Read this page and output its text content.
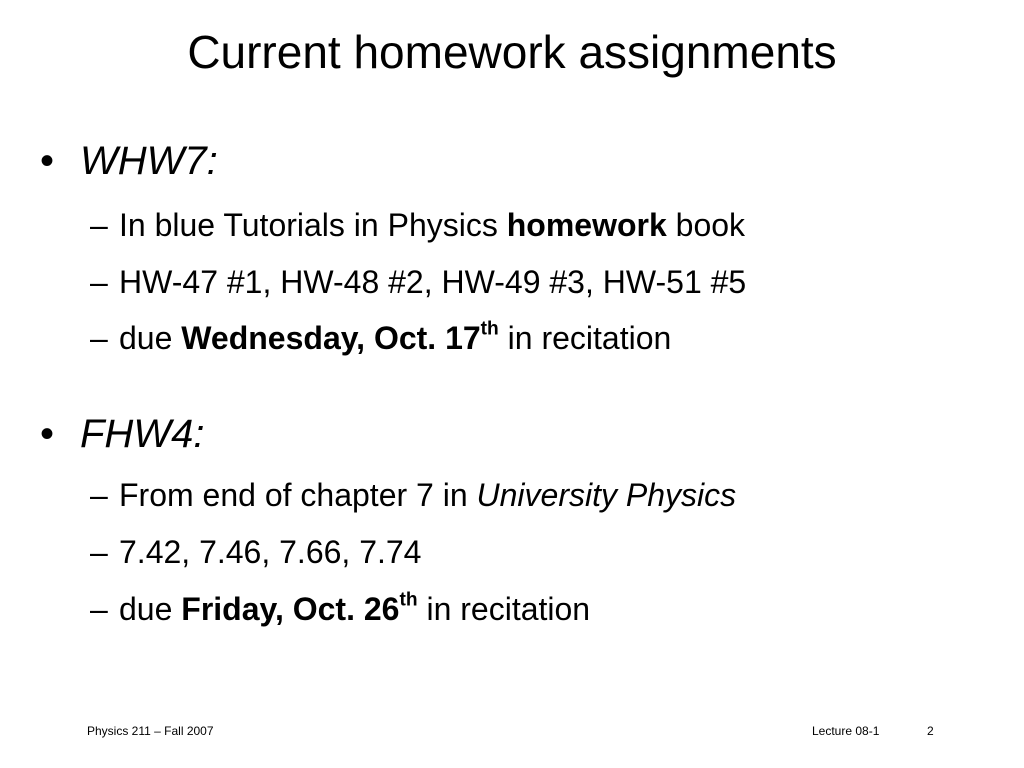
Current homework assignments
• WHW7:
– In blue Tutorials in Physics homework book
– HW-47 #1, HW-48 #2, HW-49 #3, HW-51 #5
– due Wednesday, Oct. 17th in recitation
• FHW4:
– From end of chapter 7 in University Physics
– 7.42, 7.46, 7.66, 7.74
– due Friday, Oct. 26th in recitation
Physics 211 – Fall 2007	Lecture 08-1	2
